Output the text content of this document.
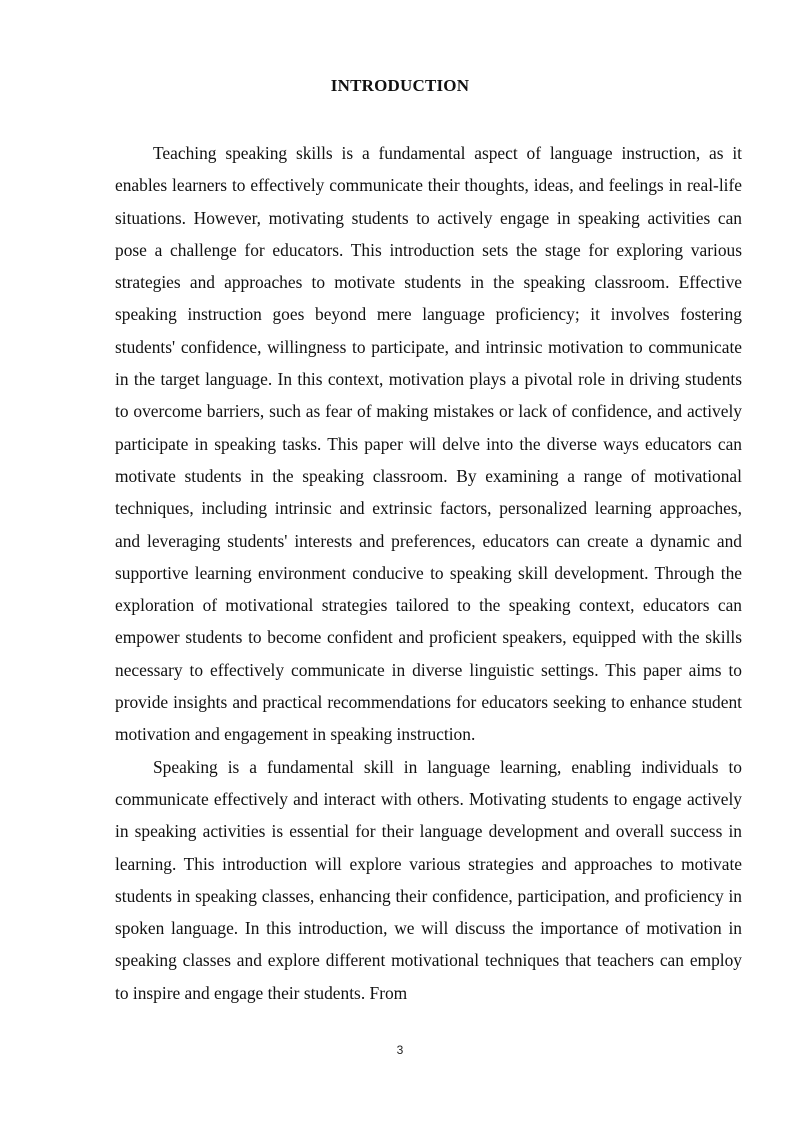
INTRODUCTION

Teaching speaking skills is a fundamental aspect of language instruction, as it enables learners to effectively communicate their thoughts, ideas, and feelings in real-life situations. However, motivating students to actively engage in speaking activities can pose a challenge for educators. This introduction sets the stage for exploring various strategies and approaches to motivate students in the speaking classroom. Effective speaking instruction goes beyond mere language proficiency; it involves fostering students' confidence, willingness to participate, and intrinsic motivation to communicate in the target language. In this context, motivation plays a pivotal role in driving students to overcome barriers, such as fear of making mistakes or lack of confidence, and actively participate in speaking tasks. This paper will delve into the diverse ways educators can motivate students in the speaking classroom. By examining a range of motivational techniques, including intrinsic and extrinsic factors, personalized learning approaches, and leveraging students' interests and preferences, educators can create a dynamic and supportive learning environment conducive to speaking skill development. Through the exploration of motivational strategies tailored to the speaking context, educators can empower students to become confident and proficient speakers, equipped with the skills necessary to effectively communicate in diverse linguistic settings. This paper aims to provide insights and practical recommendations for educators seeking to enhance student motivation and engagement in speaking instruction.

Speaking is a fundamental skill in language learning, enabling individuals to communicate effectively and interact with others. Motivating students to engage actively in speaking activities is essential for their language development and overall success in learning. This introduction will explore various strategies and approaches to motivate students in speaking classes, enhancing their confidence, participation, and proficiency in spoken language. In this introduction, we will discuss the importance of motivation in speaking classes and explore different motivational techniques that teachers can employ to inspire and engage their students. From

3
